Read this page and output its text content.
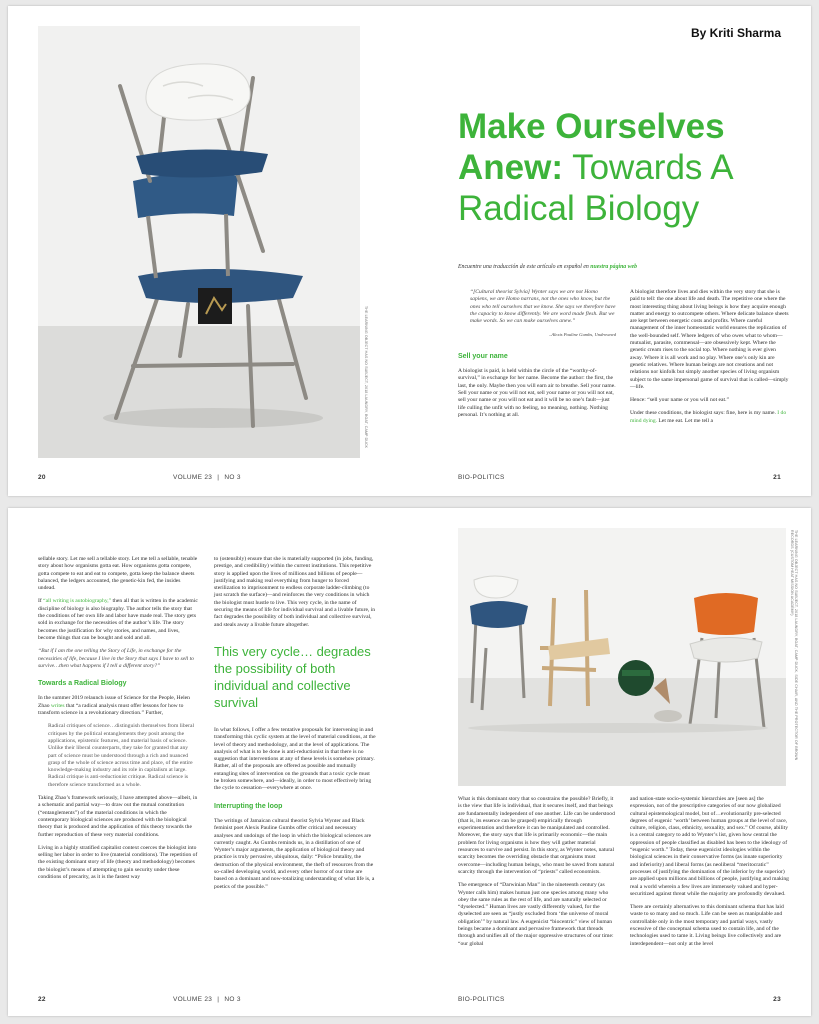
THE LEARNING OBJECT HAS NO SUBJECT, 2018 LAUNDRY, BOAT, CAMP DUCK
By Kriti Sharma
Make Ourselves Anew: Towards A Radical Biology
Encuentre una traducción de este artículo en español en nuestra página web

“[Cultural theorist Sylvia] Wynter says we are not Homo sapiens, we are Homo narrans, not the ones who know, but the ones who tell ourselves that we know. She says we therefore have the capacity to know differently. We are word made flesh. But we make words. So we can make ourselves anew.”

–Alexis Pauline Gumbs, Undrowned

Sell your name

A biologist is paid, is held within the circle of the “worthy-of-survival,” in exchange for her name. Become the author: the first, the last, the only. Maybe then you will earn air to breathe. Sell your name. Sell your name or you will not eat, sell your name or you will not eat, sell your name or you will not eat and it will be no one’s fault—just life culling the unfit with no feeling, no meaning, nothing. Nothing personal. It’s nothing at all.

A biologist therefore lives and dies within the very story that she is paid to tell: the one about life and death. The repetitive one where the most interesting thing about living beings is how they acquire enough matter and energy to outcompete others. Where delicate balance sheets are kept between energetic costs and profits. Where careful management of the inner homeostatic world ensures the replication of the well-bounded self. Where ledgers of who owes what to whom—mutualist, parasite, commensal—are obsessively kept. Where the genetic cream rises to the social top. Where nothing is ever given away. Where it is all work and no play. Where one’s only kin are genetic relatives. Where human beings are not creations and not relations nor kinfolk but simply another species of living organism subject to the same impersonal game of survival that is called—simply—life.

Hence: “sell your name or you will not eat.”

Under these conditions, the biologist says: fine, here is my name. I do mind dying. Let me eat. Let me tell a

20	VOLUME 23 | NO 3	BIO-POLITICS	21

sellable story. Let me sell a tellable story. Let me tell a sellable, tenable story about how organisms gotta eat. How organisms gotta compete, gotta compete to eat and eat to compete, gotta keep the balance sheets balanced, the ledgers accounted, the genetic-kin fed, the insides undead.

If “all writing is autobiography,” then all that is written in the academic discipline of biology is also biography. The author tells the story that the conditions of her own life and labor have made real. The story gets sold in exchange for the necessities of the author’s life. The story becomes the justification for why stories, and names, and lives, become things that can be bought and sold and all.

“But if I am the one telling the Story of Life, in exchange for the necessities of life, because I live in the Story that says I have to sell to survive…then what happens if I tell a different story?”

Towards a Radical Biology

In the summer 2019 relaunch issue of Science for the People, Helen Zhao writes that “a radical analysis must offer lessons for how to transform science in a revolutionary direction.” Further,

Radical critiques of science…distinguish themselves from liberal critiques by the political entanglements they posit among the applications, epistemic features, and material basis of science. Unlike their liberal counterparts, they take for granted that any part of science must be understood through a rich and nuanced grasp of the whole of science across time and place, of the entire knowledge-making industry and its role in capitalism at large. Radical critique is anti-reductionist critique. Radical science is therefore science transformed as a whole.

Taking Zhao’s framework seriously, I have attempted above—albeit, in a schematic and partial way—to draw out the mutual constitution (“entanglements”) of the material conditions in which the contemporary biological sciences are produced with the biological theory that is produced and the application of this theory towards the further reproduction of these very material conditions.

Living in a highly stratified capitalist context coerces the biologist into selling her labor in order to live (material conditions). The repetition of the existing dominant story of life (theory and methodology) becomes the biologist’s means of attempting to gain security under these conditions of precarity, as it is the fastest way

to (ostensibly) ensure that she is materially supported (in jobs, funding, prestige, and credibility) within the current institutions. This repetitive story is applied upon the lives of millions and billions of people—justifying and making real everything from hunger to forced sterilization to imprisonment to endless corporate ladder-climbing (to just scratch the surface)—and reinforces the very conditions in which the biologist must hustle to live. This very cycle, in the name of securing the means of life for individual survival and a livable future, in fact degrades the possibility of both individual and collective survival, and steals away a livable future altogether.

This very cycle… degrades the possibility of both individual and collective survival

In what follows, I offer a few tentative proposals for intervening in and transforming this cyclic system at the level of material conditions, at the level of theory and methodology, and at the level of applications. The analysis of what is to be done is anti-reductionist in that there is no suggestion that interventions at any of these levels is somehow primary. Rather, all of the proposals are offered as possible and mutually entangling sites of intervention on the grounds that a toxic cycle must be broken somewhere, and—ideally, in order to most effectively bring the cycle to cessation—everywhere at once.

Interrupting the loop

The writings of Jamaican cultural theorist Sylvia Wynter and Black feminist poet Alexis Pauline Gumbs offer critical and necessary analyses and undoings of the loop in which the biological sciences are currently caught. As Gumbs reminds us, in a distillation of one of Wynter’s major arguments, the application of biological theory and practice is truly pervasive, ubiquitous, daily: “Police brutality, the destruction of the physical environment, the theft of resources from the so-called developing world, and every other horror of our time are based on a dominant and now-totalizing understanding of what life is, a poetics of the possible.”

THE LEARNING OBJECT HAS NO SUBJECT, 2018 LAUNDRY, BOAT, CAMP DUCK, SIDE CHAIR, AND THE PROTECTOR OF BROWN RECORDS (CUSTOM HEAT MISSION ACADEMY)

What is this dominant story that so constrains the possible? Briefly, it is the view that life is individual, that it secures itself, and that beings are fundamentally independent of one another. Life can be understood (that is, its essence can be grasped) empirically through experimentation and therefore it can be manipulated and controlled. Moreover, the story says that life is primarily economic—the main problem for living organisms is how they will gather material resources to survive and persist. In this story, as Wynter notes, natural scarcity becomes the overriding obstacle that organisms must overcome—including human beings, who must be saved from natural scarcity through the intervention of “priests” called economists.

The emergence of “Darwinian Man” in the nineteenth century (as Wynter calls him) makes human just one species among many who obey the same rules as the rest of life, and are naturally selected or “dyselected.” Human lives are vastly differently valued, for the dyselected are seen as “justly excluded from ‘the universe of moral obligation’” by natural law. A eugenicist “biocentric” view of human beings became a dominant and pervasive framework that threads through and unifies all of the major oppressive structures of our time: “our global

and nation-state socio-systemic hierarchies are [seen as] the expression, not of the prescriptive categories of our now globalized cultural epistemological model, but of…evolutionarily pre-selected degrees of eugenic ‘worth’ between human groups at the level of race, culture, religion, class, ethnicity, sexuality, and sex.” Of course, ability is a central category to add to Wynter’s list, given how central the oppression of people classified as disabled has been to the ideology of “eugenic worth.” Today, these eugenicist ideologies within the biological sciences in their conservative forms (as innate superiority and inferiority) and liberal forms (as neoliberal “meritocratic” processes of justifying the domination of the inferior by the superior) are applied upon millions and billions of people, justifying and making real a world wherein a few lives are immensely valued and hyper-securitized against threat while the majority are profoundly devalued.

There are certainly alternatives to this dominant schema that has laid waste to so many and so much. Life can be seen as manipulable and controllable only in the most temporary and partial ways, vastly excessive of the conceptual schema used to contain life, and of the technologies used to tame it. Living beings live collectively and are interdependent—not only at the level

22	VOLUME 23 | NO 3	BIO-POLITICS	23
